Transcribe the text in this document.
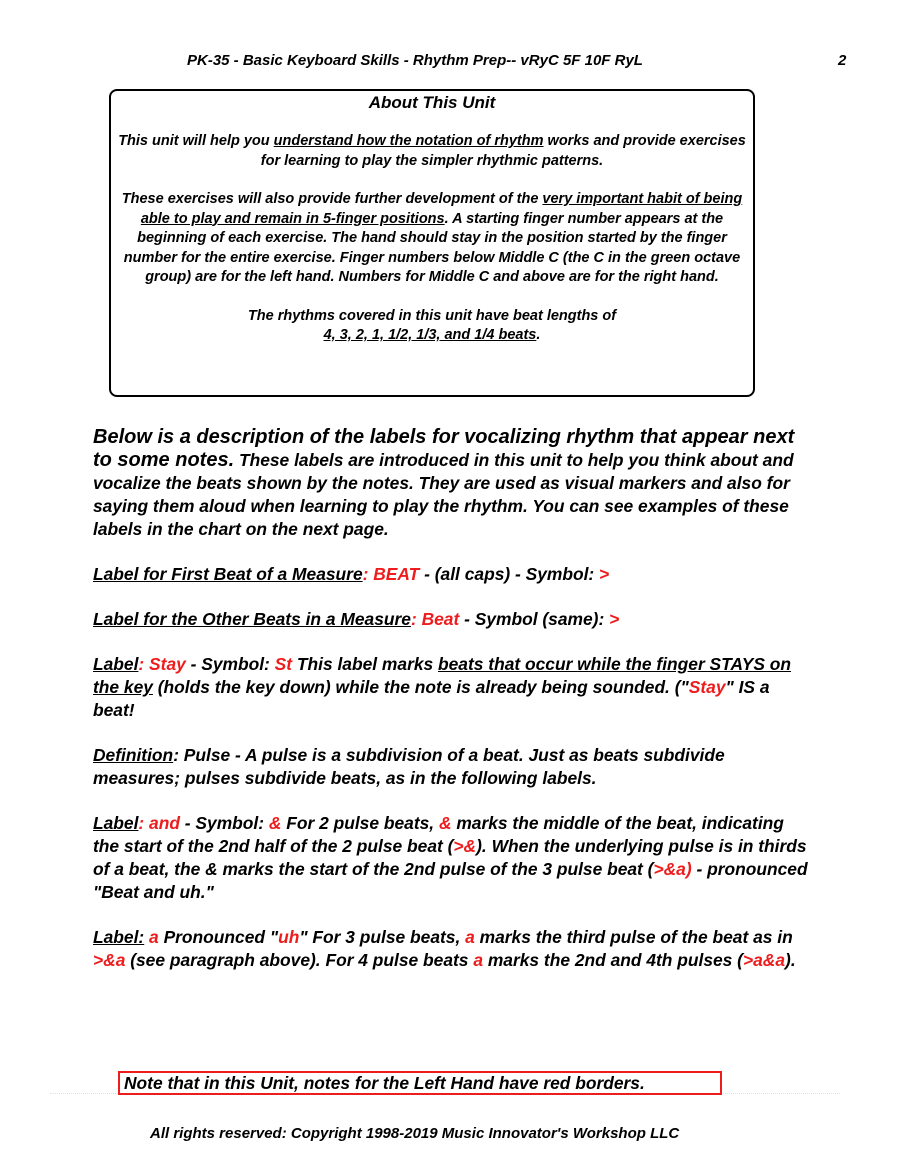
PK-35 - Basic Keyboard Skills - Rhythm Prep-- vRyC 5F 10F RyL	2
About This Unit

This unit will help you understand how the notation of rhythm works and provide exercises for learning to play the simpler rhythmic patterns.

These exercises will also provide further development of the very important habit of being able to play and remain in 5-finger positions. A starting finger number appears at the beginning of each exercise. The hand should stay in the position started by the finger number for the entire exercise. Finger numbers below Middle C (the C in the green octave group) are for the left hand. Numbers for Middle C and above are for the right hand.

The rhythms covered in this unit have beat lengths of
4, 3, 2, 1, 1/2, 1/3, and 1/4 beats.

Below is a description of the labels for vocalizing rhythm that appear next to some notes. These labels are introduced in this unit to help you think about and vocalize the beats shown by the notes. They are used as visual markers and also for saying them aloud when learning to play the rhythm. You can see examples of these labels in the chart on the next page.

Label for First Beat of a Measure: BEAT - (all caps) - Symbol: >

Label for the Other Beats in a Measure: Beat - Symbol (same): >

Label: Stay - Symbol: St This label marks beats that occur while the finger STAYS on the key (holds the key down) while the note is already being sounded. ("Stay" IS a beat!

Definition: Pulse - A pulse is a subdivision of a beat. Just as beats subdivide measures; pulses subdivide beats, as in the following labels.

Label: and - Symbol: & For 2 pulse beats, & marks the middle of the beat, indicating the start of the 2nd half of the 2 pulse beat (>&). When the underlying pulse is in thirds of a beat, the & marks the start of the 2nd pulse of the 3 pulse beat (>&a) - pronounced "Beat and uh."

Label: a Pronounced "uh" For 3 pulse beats, a marks the third pulse of the beat as in >&a (see paragraph above). For 4 pulse beats a marks the 2nd and 4th pulses (>a&a).

Note that in this Unit, notes for the Left Hand have red borders.
All rights reserved: Copyright 1998-2019 Music Innovator's Workshop LLC
